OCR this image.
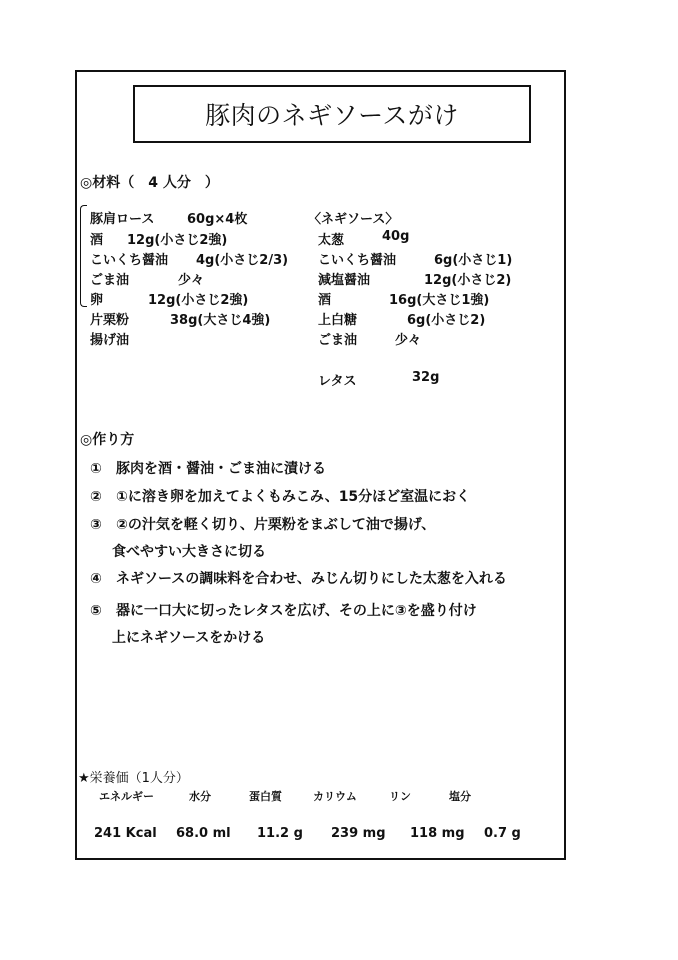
豚肉のネギソースがけ
◎材料（　4 人分　）
豚肩ロース	60g×4枚
酒 12g(小さじ2強)
こいくち醤油 4g(小さじ2/3)
ごま油	少々
卵	12g(小さじ2強)
片栗粉	38g(大さじ4強)
揚げ油
〈ネギソース〉
太葱	40g
こいくち醤油	6g(小さじ1)
減塩醤油	12g(小さじ2)
酒	16g(大さじ1強)
上白糖	6g(小さじ2)
ごま油	少々
レタス	32g
◎作り方
① 豚肉を酒・醤油・ごま油に漬ける
② ①に溶き卵を加えてよくもみこみ、15分ほど室温におく
③ ②の汁気を軽く切り、片栗粉をまぶして油で揚げ、
食べやすい大きさに切る
④ ネギソースの調味料を合わせ、みじん切りにした太葱を入れる
⑤ 器に一口大に切ったレタスを広げ、その上に③を盛り付け
上にネギソースをかける
★栄養価（1人分）
エネルギー	水分	蛋白質	カリウム	リン	塩分
241 Kcal 68.0 ml 11.2 g 239 mg 118 mg 0.7 g
